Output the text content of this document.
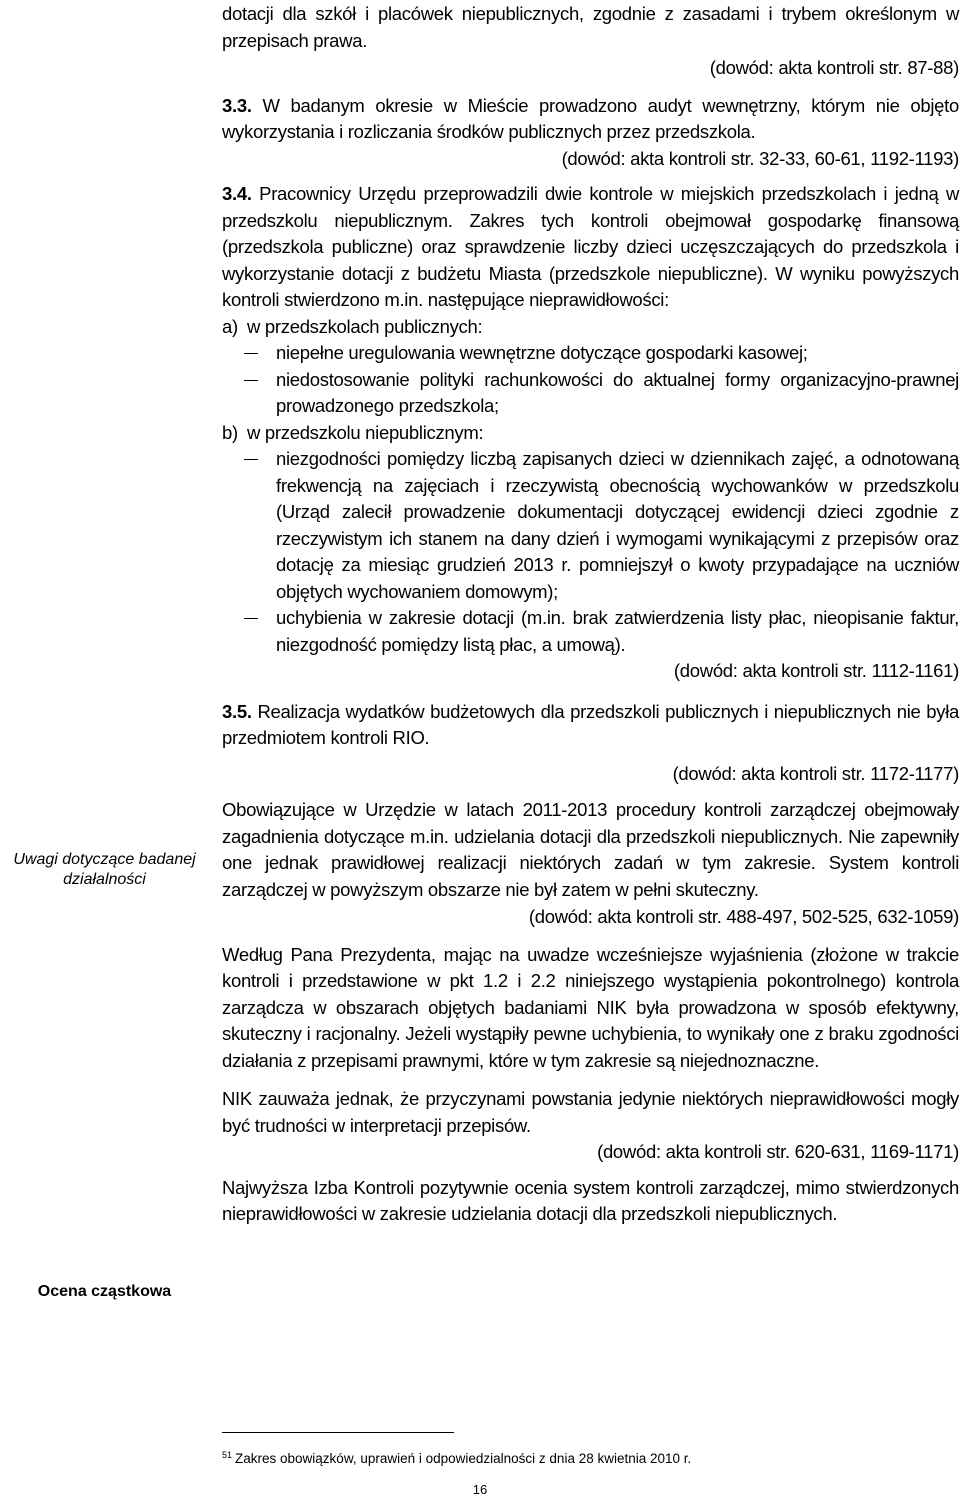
Uwagi dotyczące badanej działalności
Ocena cząstkowa

dotacji dla szkół i placówek niepublicznych, zgodnie z zasadami i trybem określonym w przepisach prawa.

(dowód: akta kontroli str. 87-88)

3.3. W badanym okresie w Mieście prowadzono audyt wewnętrzny, którym nie objęto wykorzystania i rozliczania środków publicznych przez przedszkola.

(dowód: akta kontroli str. 32-33, 60-61, 1192-1193)

3.4. Pracownicy Urzędu przeprowadzili dwie kontrole w miejskich przedszkolach i jedną w przedszkolu niepublicznym. Zakres tych kontroli obejmował gospodarkę finansową (przedszkola publiczne) oraz sprawdzenie liczby dzieci uczęszczających do przedszkola i wykorzystanie dotacji z budżetu Miasta (przedszkole niepubliczne). W wyniku powyższych kontroli stwierdzono m.in. następujące nieprawidłowości:

a) w przedszkolach publicznych:
niepełne uregulowania wewnętrzne dotyczące gospodarki kasowej;
niedostosowanie polityki rachunkowości do aktualnej formy organizacyjno-prawnej prowadzonego przedszkola;
b) w przedszkolu niepublicznym:
niezgodności pomiędzy liczbą zapisanych dzieci w dziennikach zajęć, a odnotowaną frekwencją na zajęciach i rzeczywistą obecnością wychowanków w przedszkolu (Urząd zalecił prowadzenie dokumentacji dotyczącej ewidencji dzieci zgodnie z rzeczywistym ich stanem na dany dzień i wymogami wynikającymi z przepisów oraz dotację za miesiąc grudzień 2013 r. pomniejszył o kwoty przypadające na uczniów objętych wychowaniem domowym);
uchybienia w zakresie dotacji (m.in. brak zatwierdzenia listy płac, nieopisanie faktur, niezgodność pomiędzy listą płac, a umową).

(dowód: akta kontroli str. 1112-1161)

3.5. Realizacja wydatków budżetowych dla przedszkoli publicznych i niepublicznych nie była przedmiotem kontroli RIO.

(dowód: akta kontroli str. 1172-1177)

Obowiązujące w Urzędzie w latach 2011-2013 procedury kontroli zarządczej obejmowały zagadnienia dotyczące m.in. udzielania dotacji dla przedszkoli niepublicznych. Nie zapewniły one jednak prawidłowej realizacji niektórych zadań w tym zakresie. System kontroli zarządczej w powyższym obszarze nie był zatem w pełni skuteczny.

(dowód: akta kontroli str. 488-497, 502-525, 632-1059)

Według Pana Prezydenta, mając na uwadze wcześniejsze wyjaśnienia (złożone w trakcie kontroli i przedstawione w pkt 1.2 i 2.2 niniejszego wystąpienia pokontrolnego) kontrola zarządcza w obszarach objętych badaniami NIK była prowadzona w sposób efektywny, skuteczny i racjonalny. Jeżeli wystąpiły pewne uchybienia, to wynikały one z braku zgodności działania z przepisami prawnymi, które w tym zakresie są niejednoznaczne.

NIK zauważa jednak, że przyczynami powstania jedynie niektórych nieprawidłowości mogły być trudności w interpretacji przepisów.

(dowód: akta kontroli str. 620-631, 1169-1171)

Najwyższa Izba Kontroli pozytywnie ocenia system kontroli zarządczej, mimo stwierdzonych nieprawidłowości w zakresie udzielania dotacji dla przedszkoli niepublicznych.

$^{51}$ Zakres obowiązków, uprawień i odpowiedzialności z dnia 28 kwietnia 2010 r.
16
